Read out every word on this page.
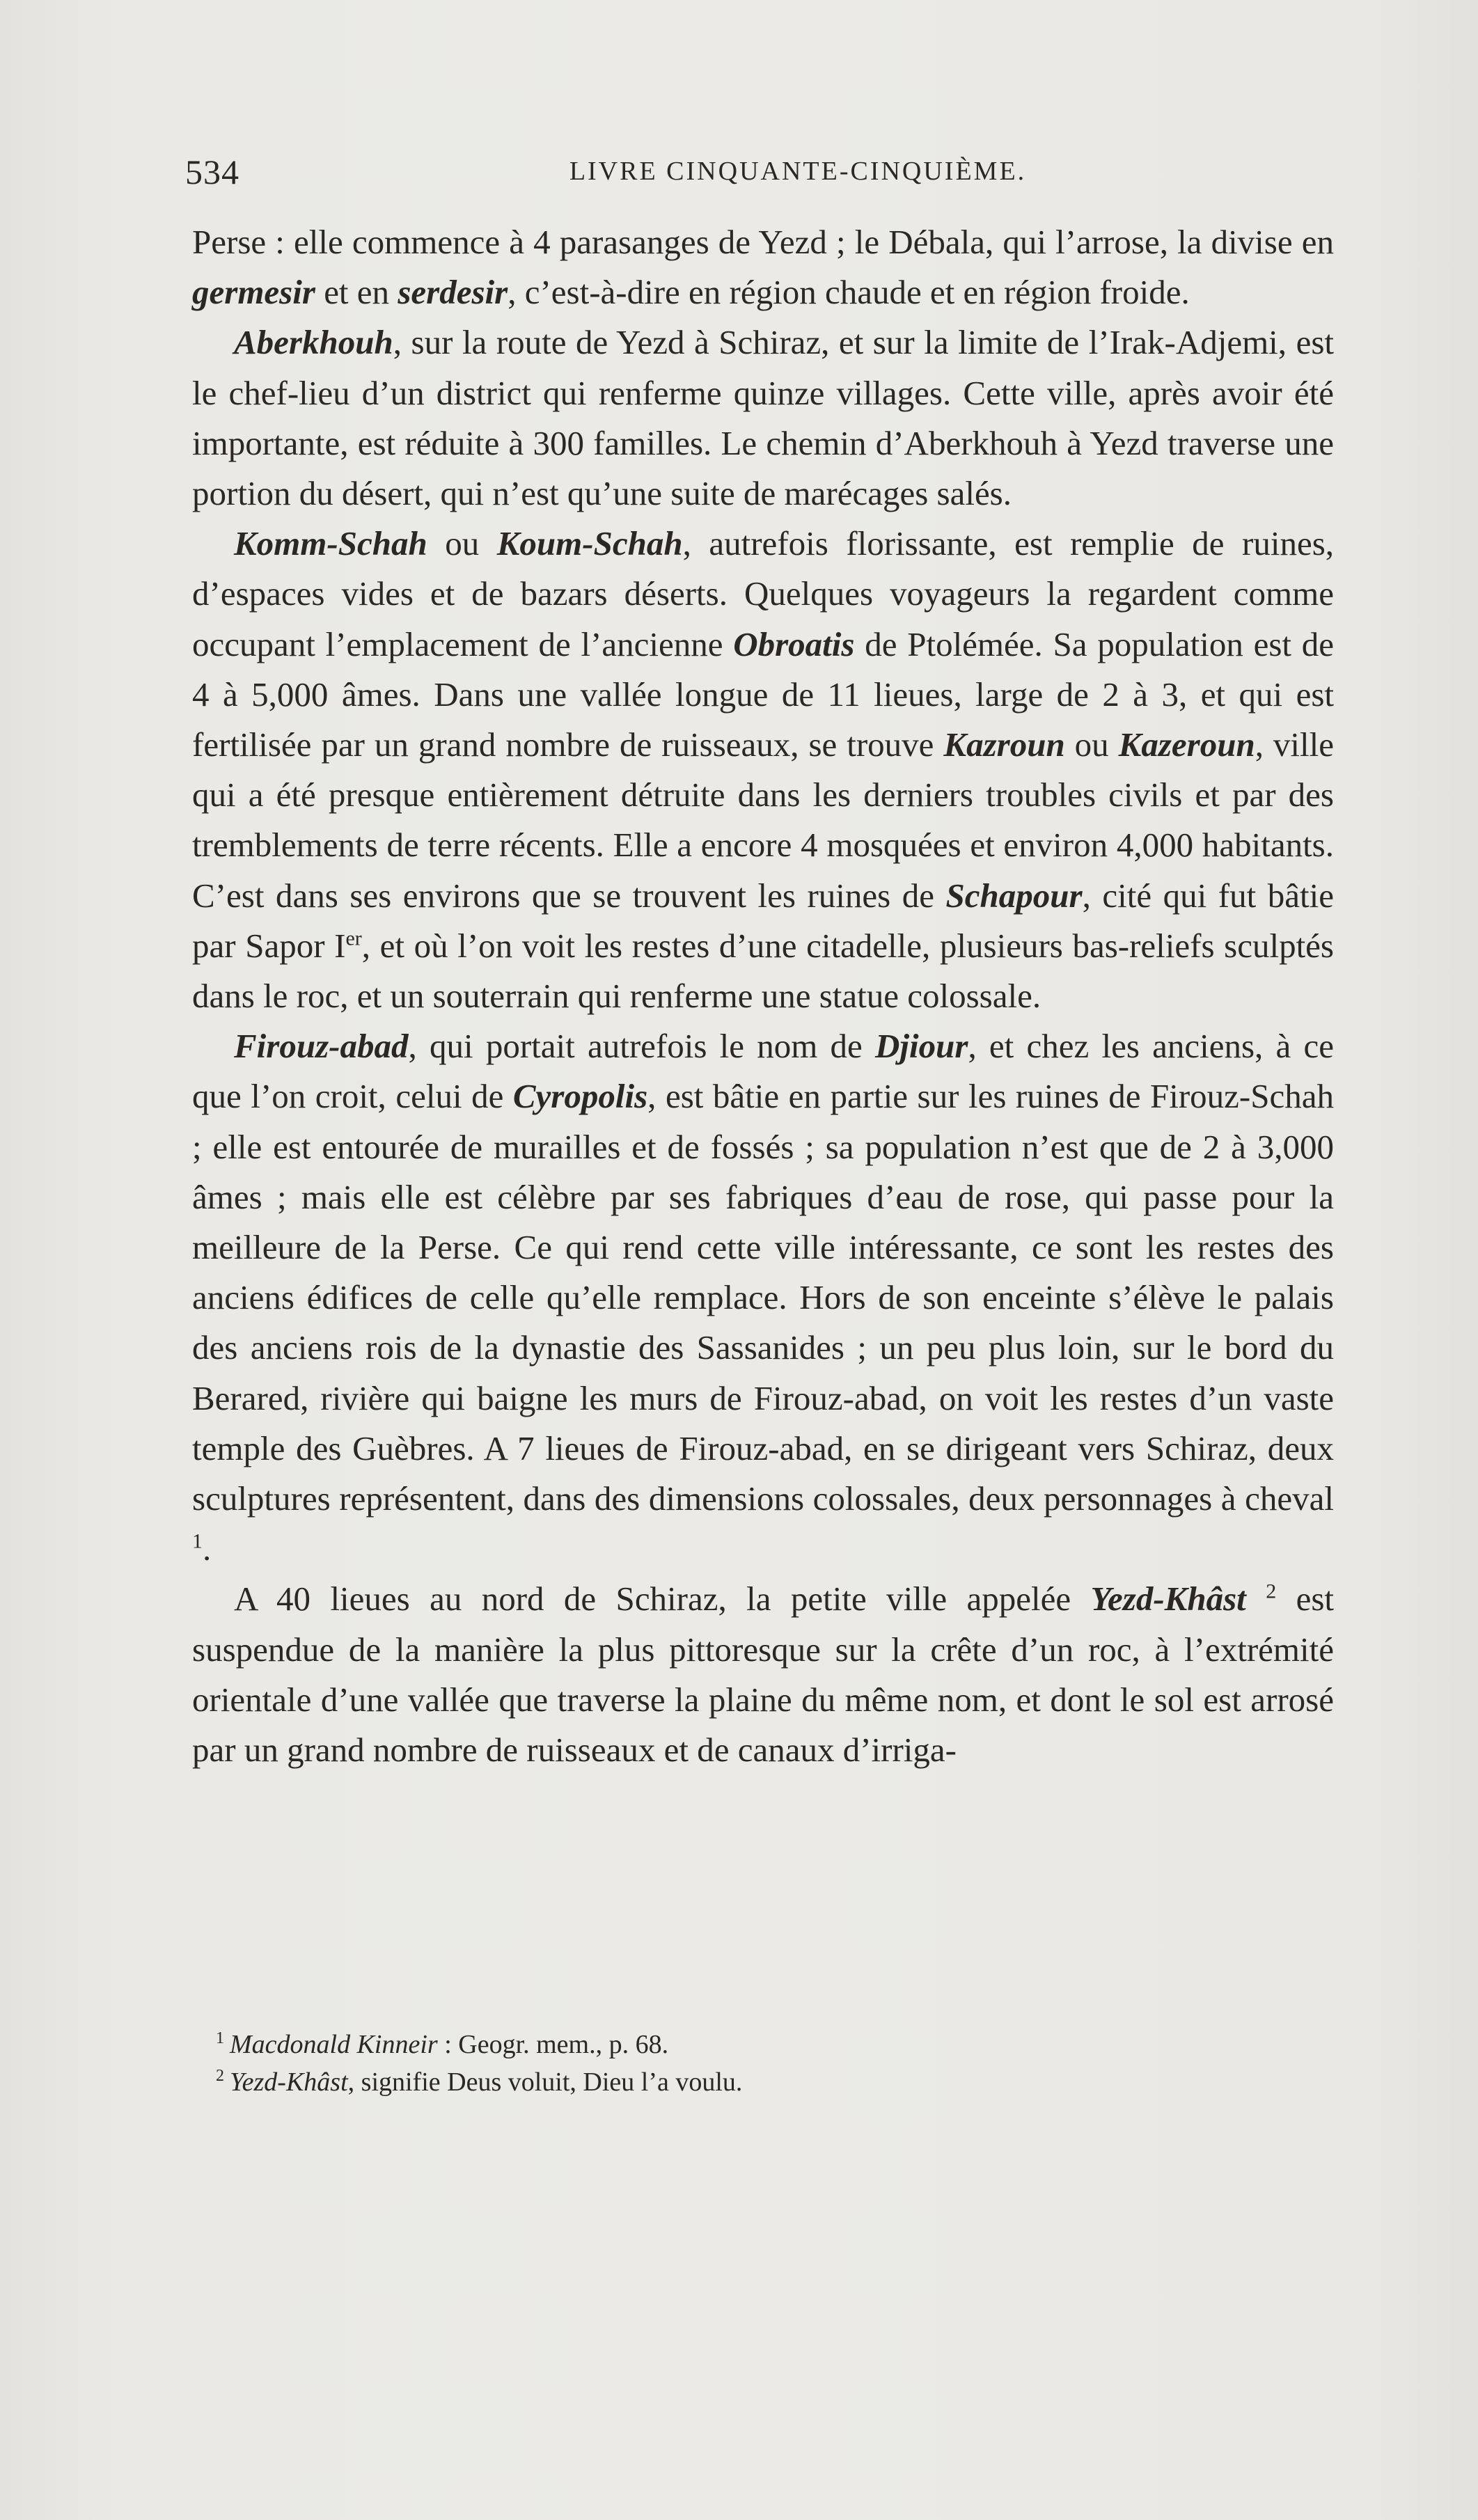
534	LIVRE CINQUANTE-CINQUIÈME.

Perse : elle commence à 4 parasanges de Yezd ; le Débala, qui l’arrose, la divise en germesir et en serdesir, c’est-à-dire en région chaude et en région froide.

Aberkhouh, sur la route de Yezd à Schiraz, et sur la limite de l’Irak-Adjemi, est le chef-lieu d’un district qui renferme quinze villages. Cette ville, après avoir été importante, est réduite à 300 familles. Le chemin d’Aberkhouh à Yezd traverse une portion du désert, qui n’est qu’une suite de marécages salés.

Komm-Schah ou Koum-Schah, autrefois florissante, est remplie de ruines, d’espaces vides et de bazars déserts. Quelques voyageurs la regardent comme occupant l’emplacement de l’ancienne Obroatis de Ptolémée. Sa population est de 4 à 5,000 âmes. Dans une vallée longue de 11 lieues, large de 2 à 3, et qui est fertilisée par un grand nombre de ruisseaux, se trouve Kazroun ou Kazeroun, ville qui a été presque entièrement détruite dans les derniers troubles civils et par des tremblements de terre récents. Elle a encore 4 mosquées et environ 4,000 habitants. C’est dans ses environs que se trouvent les ruines de Schapour, cité qui fut bâtie par Sapor Ier, et où l’on voit les restes d’une citadelle, plusieurs bas-reliefs sculptés dans le roc, et un souterrain qui renferme une statue colossale.

Firouz-abad, qui portait autrefois le nom de Djiour, et chez les anciens, à ce que l’on croit, celui de Cyropolis, est bâtie en partie sur les ruines de Firouz-Schah ; elle est entourée de murailles et de fossés ; sa population n’est que de 2 à 3,000 âmes ; mais elle est célèbre par ses fabriques d’eau de rose, qui passe pour la meilleure de la Perse. Ce qui rend cette ville intéressante, ce sont les restes des anciens édifices de celle qu’elle remplace. Hors de son enceinte s’élève le palais des anciens rois de la dynastie des Sassanides ; un peu plus loin, sur le bord du Berared, rivière qui baigne les murs de Firouz-abad, on voit les restes d’un vaste temple des Guèbres. A 7 lieues de Firouz-abad, en se dirigeant vers Schiraz, deux sculptures représentent, dans des dimensions colossales, deux personnages à cheval $^1$.

A 40 lieues au nord de Schiraz, la petite ville appelée Yezd-Khâst $^2$ est suspendue de la manière la plus pittoresque sur la crête d’un roc, à l’extrémité orientale d’une vallée que traverse la plaine du même nom, et dont le sol est arrosé par un grand nombre de ruisseaux et de canaux d’irriga-

$^1$ Macdonald Kinneir : Geogr. mem., p. 68.

$^2$ Yezd-Khâst, signifie Deus voluit, Dieu l’a voulu.
